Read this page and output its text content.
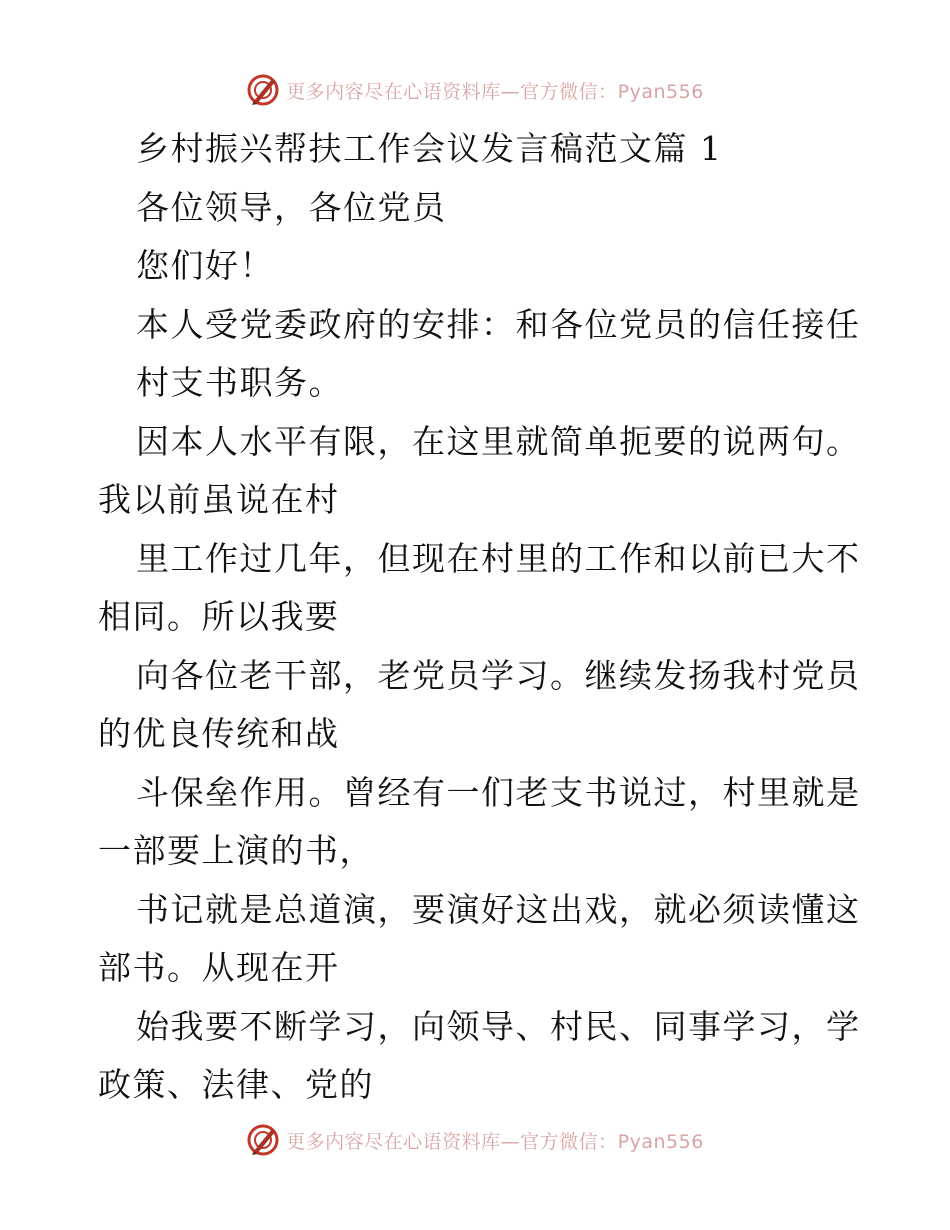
更多内容尽在心语资料库—官方微信：Pyan556
乡村振兴帮扶工作会议发言稿范文篇 1
各位领导，各位党员
您们好！
本人受党委政府的安排：和各位党员的信任接任
村支书职务。
因本人水平有限，在这里就简单扼要的说两句。
我以前虽说在村
里工作过几年，但现在村里的工作和以前已大不
相同。所以我要
向各位老干部，老党员学习。继续发扬我村党员
的优良传统和战
斗保垒作用。曾经有一们老支书说过，村里就是
一部要上演的书，
书记就是总道演，要演好这出戏，就必须读懂这
部书。从现在开
始我要不断学习，向领导、村民、同事学习，学
政策、法律、党的
更多内容尽在心语资料库—官方微信：Pyan556
